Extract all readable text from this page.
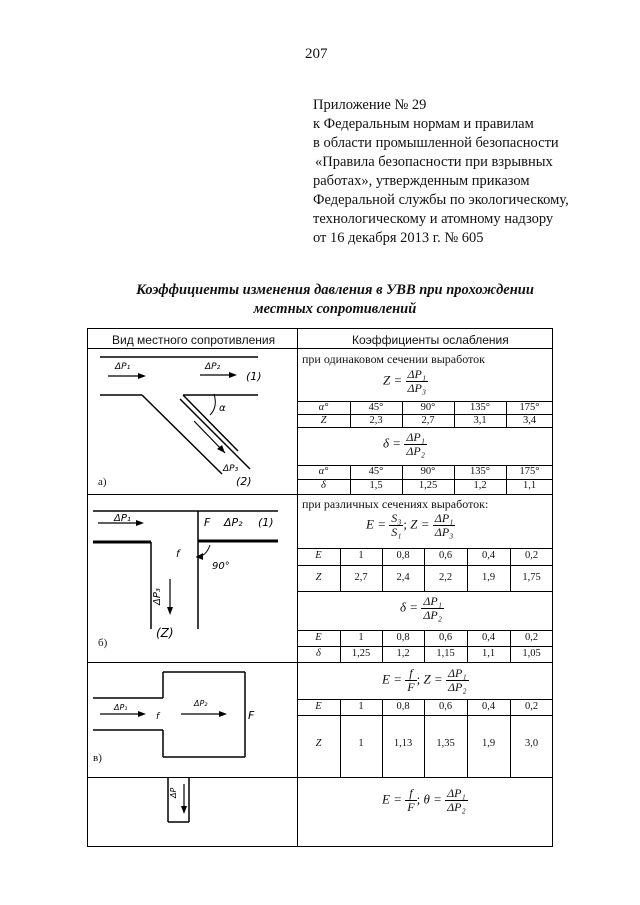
207
Приложение № 29
к Федеральным нормам и правилам
в области промышленной безопасности
«Правила безопасности при взрывных
работах», утвержденным приказом
Федеральной службы по экологическому,
технологическому и атомному надзору
от 16 декабря 2013 г. № 605
Коэффициенты изменения давления в УВВ при прохождении
местных сопротивлений
Вид местного сопротивления	Коэффициенты ослабления
при одинаковом сечении выработок
$Z = \frac{\text{ΔP₁}}{\text{ΔP₃}}$
α°	45°	90°	135°	175°
Z	2,3	2,7	3,1	3,4
$\delta = \frac{\text{ΔP₁}}{\text{ΔP₂}}$
α°	45°	90°	135°	175°
δ	1,5	1,25	1,2	1,1
а)
ΔP₁	ΔP₂
(1)
α
ΔP₃
(2)
при различных сечениях выработок:
$E = \frac{\text{S₃}}{\text{S₁}}$ ; $Z = \frac{\text{ΔP₁}}{\text{ΔP₃}}$
E	1	0,8	0,6	0,4	0,2
Z	2,7	2,4	2,2	1,9	1,75
$\delta = \frac{\text{ΔP₁}}{\text{ΔP₂}}$
E	1	0,8	0,6	0,4	0,2
δ	1,25	1,2	1,15	1,1	1,05
б)
ΔP₁	F ΔP₂ (1)
f
90°
ΔP₃
(Z)
$E = \frac{f}{F}$ ; $Z = \frac{\text{ΔP₁}}{\text{ΔP₂}}$
E	1	0,8	0,6	0,4	0,2
Z	1	1,13	1,35	1,9	3,0
в)
ΔP₁
f
ΔP₂
F
$E = \frac{f}{F}$ ; $\theta = \frac{\text{ΔP₁}}{\text{ΔP₂}}$
ΔP
